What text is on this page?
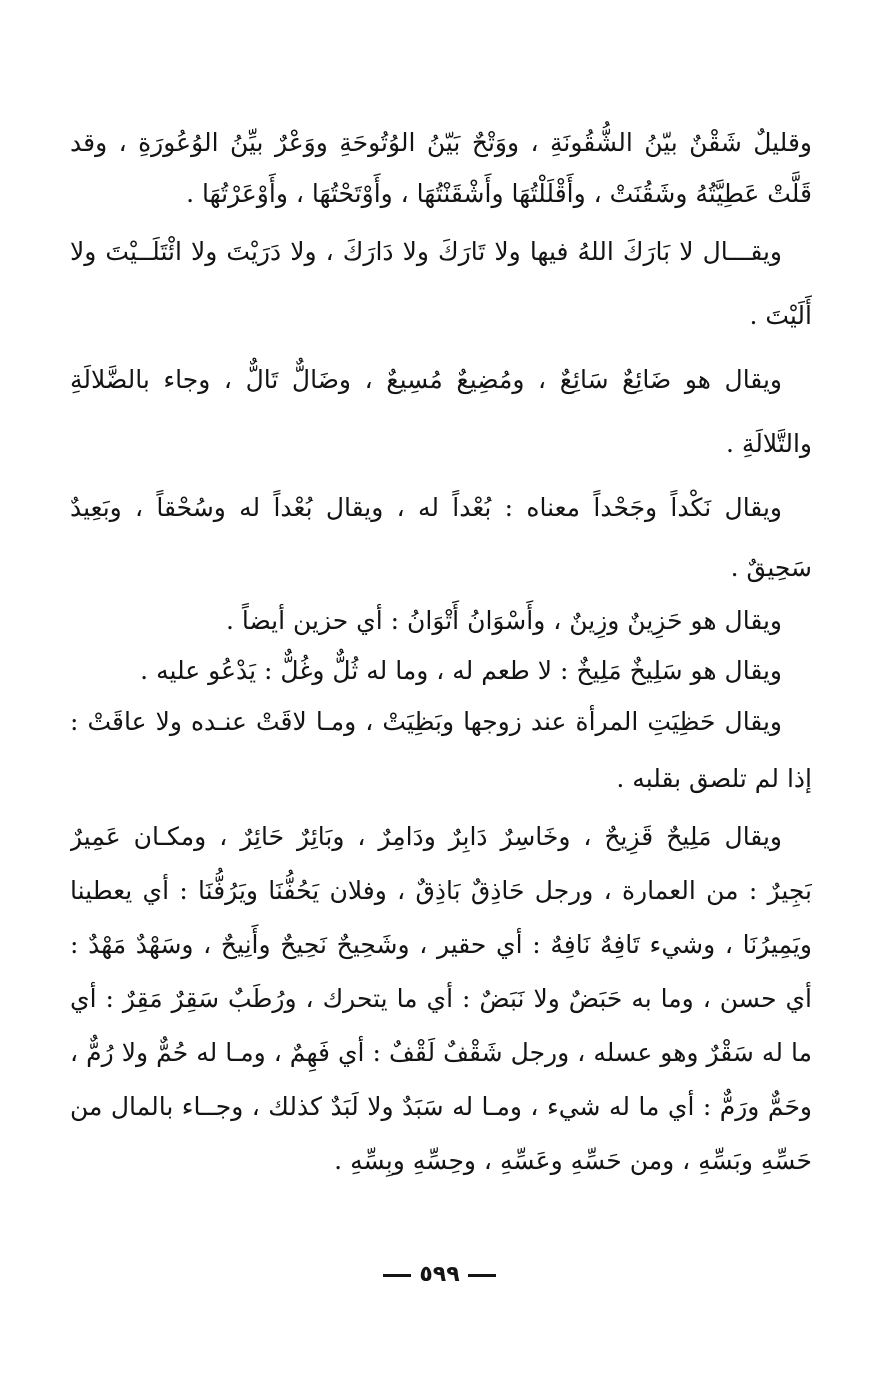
وقليلٌ شَقْنٌ بيّنُ الشُّقُونَةِ ، ووَتْحٌ بَيّنُ الوُتُوحَةِ ووَعْرٌ بيِّنُ الوُعُورَةِ ، وقد
قَلَّتْ عَطِيَّتُهُ وشَقُنَتْ ، وأَقْلَلْتُهَا وأَشْقَنْتُهَا ، وأَوْتَحْتُهَا ، وأَوْعَرْتُهَا .
ويقـــال لا بَارَكَ اللهُ فيها ولا تَارَكَ ولا دَارَكَ ، ولا دَرَيْتَ ولا ائْتَلَــيْتَ ولا
أَلَيْتَ .
ويقال هو ضَائِعٌ سَائِعٌ ، ومُضِيعٌ مُسِيعٌ ، وضَالٌّ تَالٌّ ، وجاء بالضَّلالَةِ
والتَّلالَةِ .
ويقال نَكْداً وجَحْداً معناه : بُعْداً له ، ويقال بُعْداً له وسُحْقاً ، وبَعِيدٌ
سَحِيقٌ .
ويقال هو حَزِينٌ وزِينٌ ، وأَسْوَانُ أَتْوَانُ : أي حزين أيضاً .
ويقال هو سَلِيخٌ مَلِيخٌ : لا طعم له ، وما له ثُلٌّ وغُلٌّ : يَدْعُو عليه .
ويقال حَظِيَتِ المرأة عند زوجها وبَظِيَتْ ، ومـا لاقَتْ عنـده ولا عاقَتْ :
إذا لم تلصق بقلبه .
ويقال مَلِيحٌ قَزِيحٌ ، وخَاسِرٌ دَابِرٌ ودَامِرٌ ، وبَائِرٌ حَائِرٌ ، ومكـان عَمِيرٌ
بَجِيرٌ : من العمارة ، ورجل حَاذِقٌ بَاذِقٌ ، وفلان يَحُفُّنَا ويَرُفُّنَا : أي يعطينا
ويَمِيرُنَا ، وشيء تَافِهٌ نَافِهٌ : أي حقير ، وشَحِيحٌ نَحِيحٌ وأَنِيحٌ ، وسَهْدٌ مَهْدٌ :
أي حسن ، وما به حَبَضٌ ولا نَبَضٌ : أي ما يتحرك ، ورُطَبٌ سَقِرٌ مَقِرٌ : أي
ما له سَقْرٌ وهو عسله ، ورجل شَقْفٌ لَقْفٌ : أي فَهِمٌ ، ومـا له حُمٌّ ولا رُمٌّ ،
وحَمٌّ ورَمٌّ : أي ما له شيء ، ومـا له سَبَدٌ ولا لَبَدٌ كذلك ، وجــاء بالمال من
حَسِّهِ وبَسِّهِ ، ومن حَسِّهِ وعَسِّهِ ، وحِسِّهِ وبِسِّهِ .
٥٩٩
